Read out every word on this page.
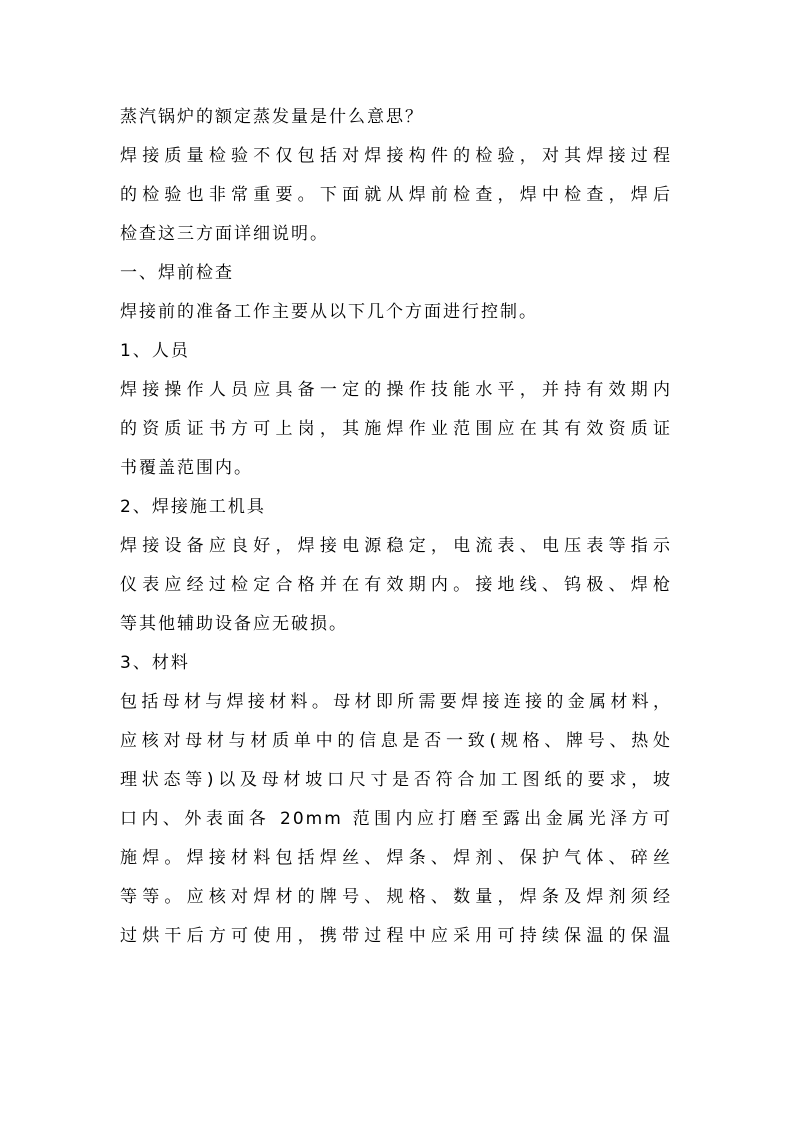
蒸汽锅炉的额定蒸发量是什么意思？
焊接质量检验不仅包括对焊接构件的检验，对其焊接过程
的检验也非常重要。下面就从焊前检查，焊中检查，焊后
检查这三方面详细说明。
一、焊前检查
焊接前的准备工作主要从以下几个方面进行控制。
1、人员
焊接操作人员应具备一定的操作技能水平，并持有效期内
的资质证书方可上岗，其施焊作业范围应在其有效资质证
书覆盖范围内。
2、焊接施工机具
焊接设备应良好，焊接电源稳定，电流表、电压表等指示
仪表应经过检定合格并在有效期内。接地线、钨极、焊枪
等其他辅助设备应无破损。
3、材料
包括母材与焊接材料。母材即所需要焊接连接的金属材料，
应核对母材与材质单中的信息是否一致(规格、牌号、热处
理状态等)以及母材坡口尺寸是否符合加工图纸的要求，坡
口内、外表面各 20mm 范围内应打磨至露出金属光泽方可
施焊。焊接材料包括焊丝、焊条、焊剂、保护气体、碎丝
等等。应核对焊材的牌号、规格、数量，焊条及焊剂须经
过烘干后方可使用，携带过程中应采用可持续保温的保温
